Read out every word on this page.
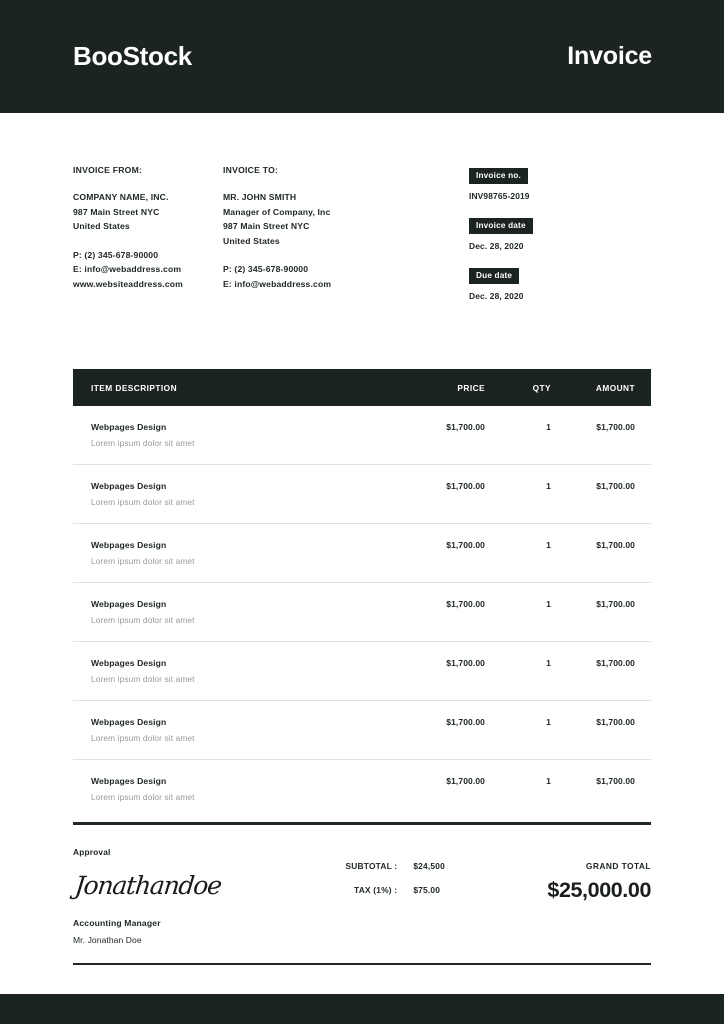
BooStock	Invoice
INVOICE FROM:
COMPANY NAME, INC.
987 Main Street NYC
United States
P: (2) 345-678-90000
E: info@webaddress.com
www.websiteaddress.com
INVOICE TO:
MR. JOHN SMITH
Manager of Company, Inc
987 Main Street NYC
United States
P: (2) 345-678-90000
E: info@webaddress.com
Invoice no.
INV98765-2019
Invoice date
Dec. 28, 2020
Due date
Dec. 28, 2020
ITEM DESCRIPTION	PRICE	QTY	AMOUNT
Webpages Design
Lorem ipsum dolor sit amet
$1,700.00	1	$1,700.00
Webpages Design
Lorem ipsum dolor sit amet
$1,700.00	1	$1,700.00
Webpages Design
Lorem ipsum dolor sit amet
$1,700.00	1	$1,700.00
Webpages Design
Lorem ipsum dolor sit amet
$1,700.00	1	$1,700.00
Webpages Design
Lorem ipsum dolor sit amet
$1,700.00	1	$1,700.00
Webpages Design
Lorem ipsum dolor sit amet
$1,700.00	1	$1,700.00
Webpages Design
Lorem ipsum dolor sit amet
$1,700.00	1	$1,700.00
Approval
Jonathandoe
Accounting Manager
Mr. Jonathan Doe
SUBTOTAL :	$24,500
TAX (1%) :	$75.00
GRAND TOTAL
$25,000.00
